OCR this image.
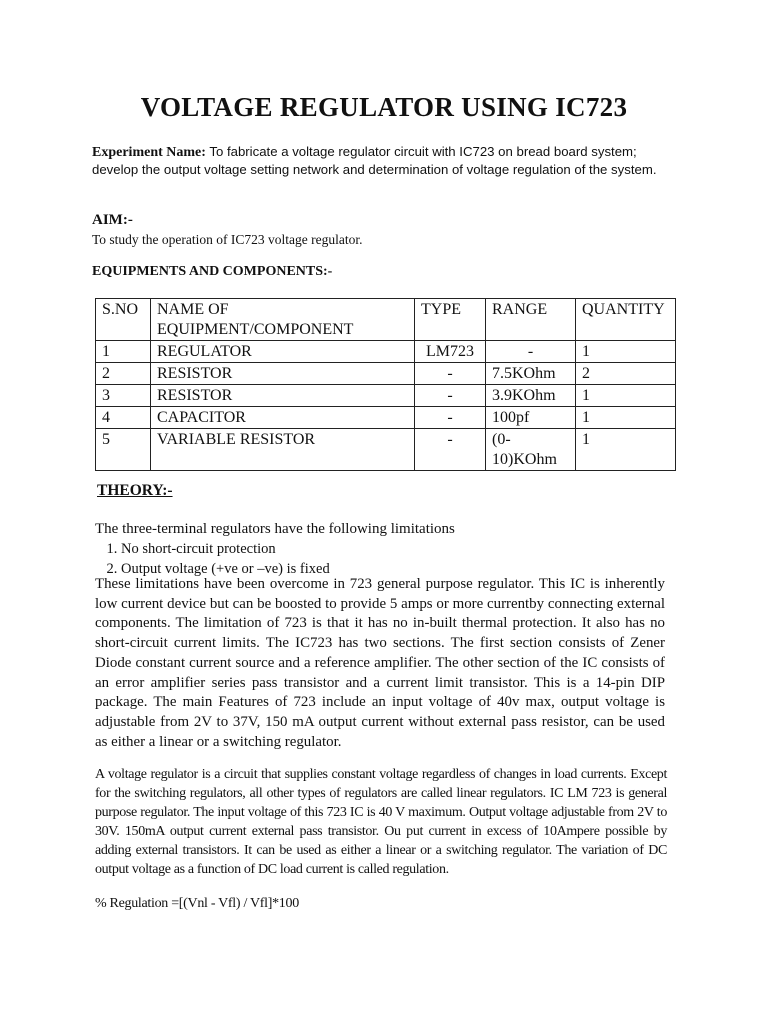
VOLTAGE REGULATOR USING IC723
Experiment Name: To fabricate a voltage regulator circuit with IC723 on bread board system; develop the output voltage setting network and determination of voltage regulation of the system.
AIM:-
To study the operation of IC723 voltage regulator.
EQUIPMENTS AND COMPONENTS:-
S.NO	NAME OF EQUIPMENT/COMPONENT	TYPE	RANGE	QUANTITY
1	REGULATOR	LM723	-	1
2	RESISTOR	-	7.5KOhm	2
3	RESISTOR	-	3.9KOhm	1
4	CAPACITOR	-	100pf	1
5	VARIABLE RESISTOR	-	(0-10)KOhm	1
THEORY:-
The three-terminal regulators have the following limitations
1. No short-circuit protection
2. Output voltage (+ve or –ve) is fixed
These limitations have been overcome in 723 general purpose regulator. This IC is inherently low current device but can be boosted to provide 5 amps or more currentby connecting external components. The limitation of 723 is that it has no in-built thermal protection. It also has no short-circuit current limits. The IC723 has two sections. The first section consists of Zener Diode constant current source and a reference amplifier. The other section of the IC consists of an error amplifier series pass transistor and a current limit transistor. This is a 14-pin DIP package. The main Features of 723 include an input voltage of 40v max, output voltage is adjustable from 2V to 37V, 150 mA output current without external pass resistor, can be used as either a linear or a switching regulator.
A voltage regulator is a circuit that supplies constant voltage regardless of changes in load currents. Except for the switching regulators, all other types of regulators are called linear regulators. IC LM 723 is general purpose regulator. The input voltage of this 723 IC is 40 V maximum. Output voltage adjustable from 2V to 30V. 150mA output current external pass transistor. Ou put current in excess of 10Ampere possible by adding external transistors. It can be used as either a linear or a switching regulator. The variation of DC output voltage as a function of DC load current is called regulation.
% Regulation =[(Vnl - Vfl) / Vfl]*100
